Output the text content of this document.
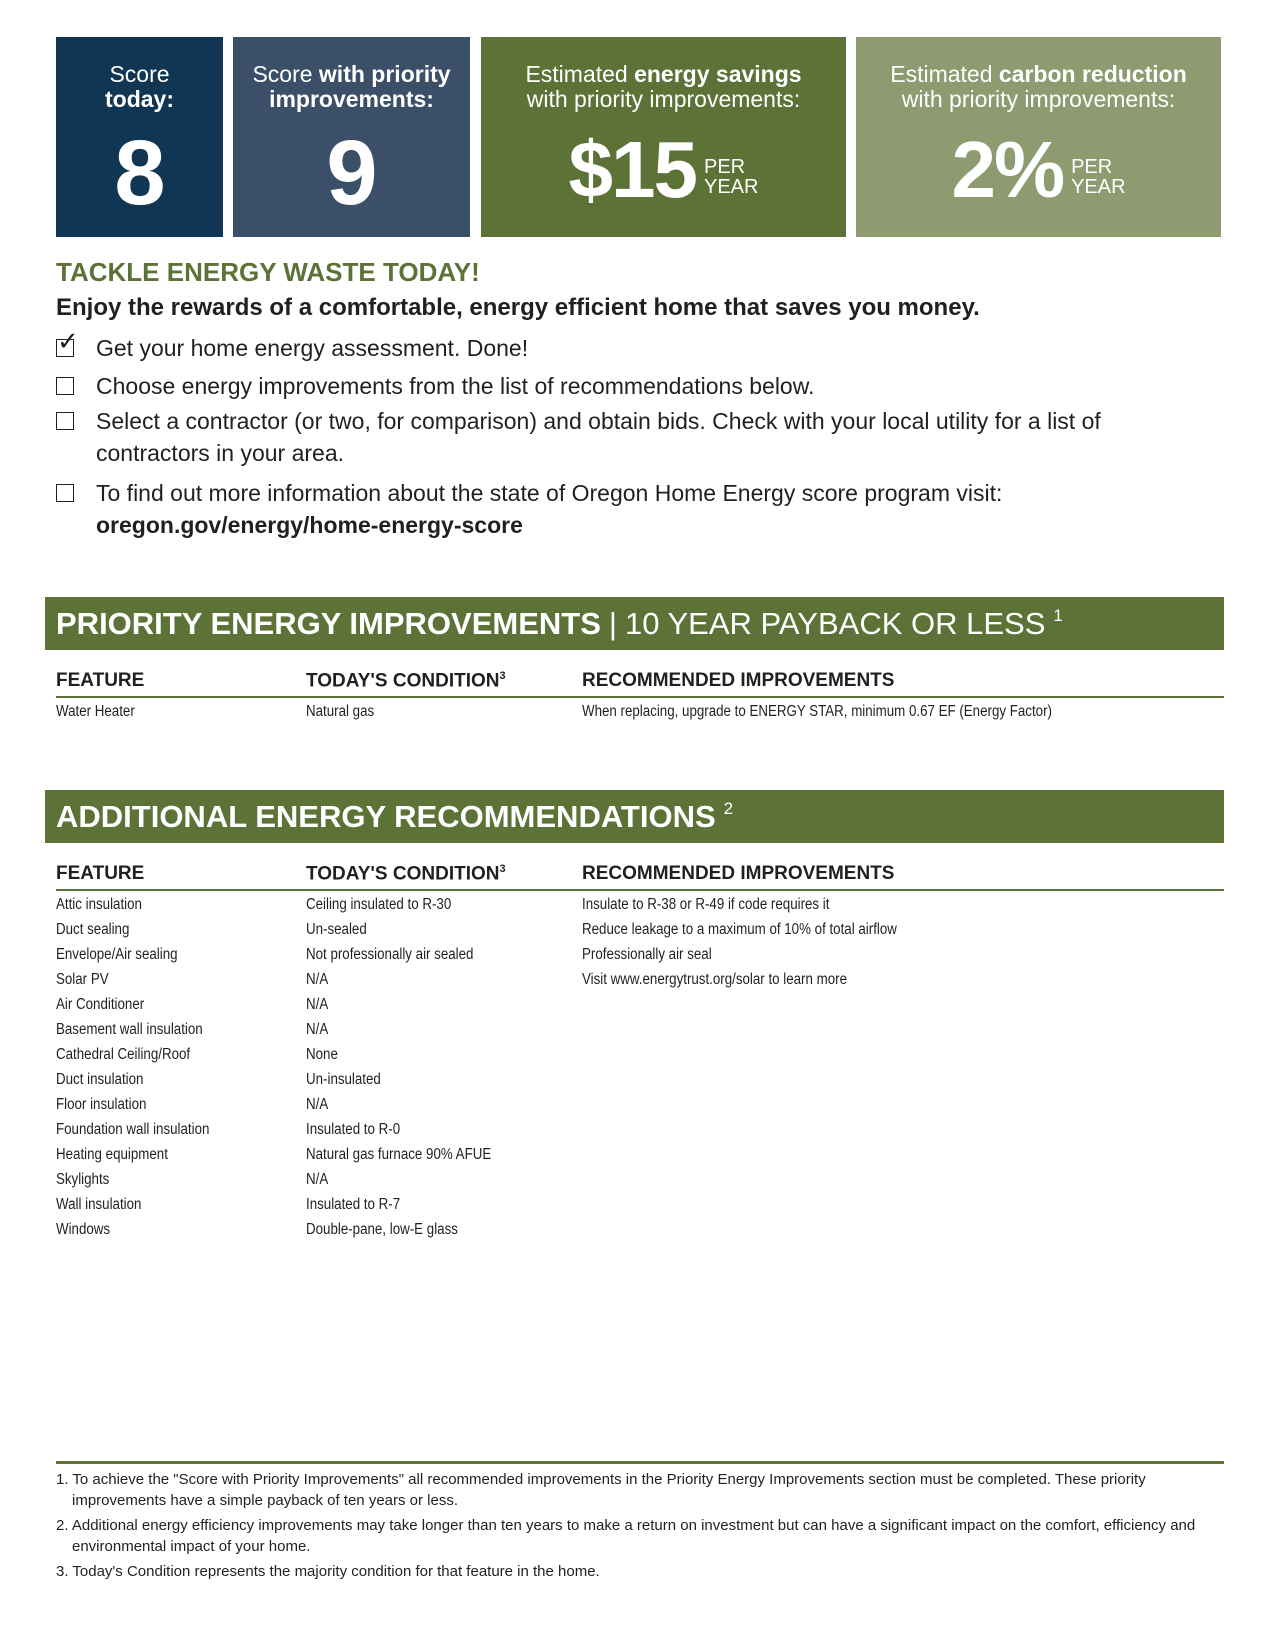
Score
today:
8
Score with priority
improvements:
9
Estimated energy savings
with priority improvements:
$15 PER
YEAR
Estimated carbon reduction
with priority improvements:
2% PER
YEAR
TACKLE ENERGY WASTE TODAY!
Enjoy the rewards of a comfortable, energy efficient home that saves you money.
✓ Get your home energy assessment. Done!
Choose energy improvements from the list of recommendations below.
Select a contractor (or two, for comparison) and obtain bids. Check with your local utility for a list of contractors in your area.
To find out more information about the state of Oregon Home Energy score program visit:
oregon.gov/energy/home-energy-score
PRIORITY ENERGY IMPROVEMENTS | 10 YEAR PAYBACK OR LESS 1
FEATURE	TODAY'S CONDITION$^3$	RECOMMENDED IMPROVEMENTS
Water Heater	Natural gas	When replacing, upgrade to ENERGY STAR, minimum 0.67 EF (Energy Factor)
ADDITIONAL ENERGY RECOMMENDATIONS 2
FEATURE	TODAY'S CONDITION$^3$	RECOMMENDED IMPROVEMENTS
Attic insulation	Ceiling insulated to R-30	Insulate to R-38 or R-49 if code requires it
Duct sealing	Un-sealed	Reduce leakage to a maximum of 10% of total airflow
Envelope/Air sealing	Not professionally air sealed	Professionally air seal
Solar PV	N/A	Visit www.energytrust.org/solar to learn more
Air Conditioner	N/A
Basement wall insulation	N/A
Cathedral Ceiling/Roof	None
Duct insulation	Un-insulated
Floor insulation	N/A
Foundation wall insulation	Insulated to R-0
Heating equipment	Natural gas furnace 90% AFUE
Skylights	N/A
Wall insulation	Insulated to R-7
Windows	Double-pane, low-E glass
1. To achieve the "Score with Priority Improvements" all recommended improvements in the Priority Energy Improvements section must be completed. These priority improvements have a simple payback of ten years or less.
2. Additional energy efficiency improvements may take longer than ten years to make a return on investment but can have a significant impact on the comfort, efficiency and environmental impact of your home.
3. Today's Condition represents the majority condition for that feature in the home.
